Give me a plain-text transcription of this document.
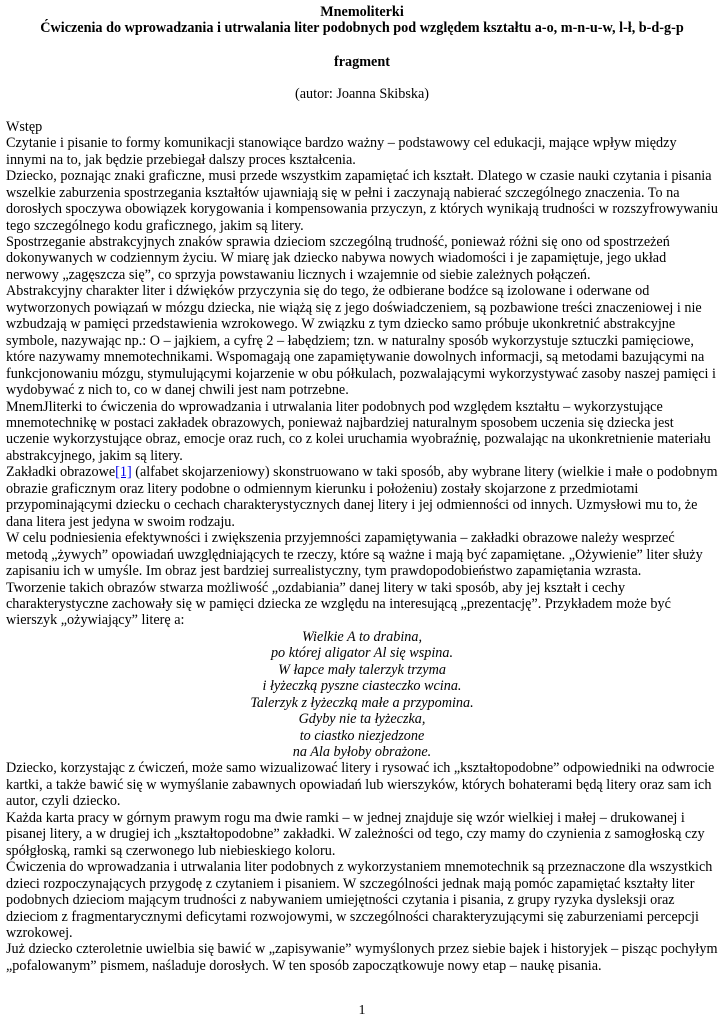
Mnemoliterki

Ćwiczenia do wprowadzania i utrwalania liter podobnych pod względem kształtu a-o, m-n-u-w, l-ł, b-d-g-p

fragment

(autor: Joanna Skibska)

Wstęp

Czytanie i pisanie to formy komunikacji stanowiące bardzo ważny – podstawowy cel edukacji, mające wpływ między innymi na to, jak będzie przebiegał dalszy proces kształcenia.

Dziecko, poznając znaki graficzne, musi przede wszystkim zapamiętać ich kształt. Dlatego w czasie nauki czytania i pisania wszelkie zaburzenia spostrzegania kształtów ujawniają się w pełni i zaczynają nabierać szczególnego znaczenia. To na dorosłych spoczywa obowiązek korygowania i kompensowania przyczyn, z których wynikają trudności w rozszyfrowywaniu tego szczególnego kodu graficznego, jakim są litery.

Spostrzeganie abstrakcyjnych znaków sprawia dzieciom szczególną trudność, ponieważ różni się ono od spostrzeżeń dokonywanych w codziennym życiu. W miarę jak dziecko nabywa nowych wiadomości i je zapamiętuje, jego układ nerwowy „zagęszcza się”, co sprzyja powstawaniu licznych i wzajemnie od siebie zależnych połączeń.

Abstrakcyjny charakter liter i dźwięków przyczynia się do tego, że odbierane bodźce są izolowane i oderwane od wytworzonych powiązań w mózgu dziecka, nie wiążą się z jego doświadczeniem, są pozbawione treści znaczeniowej i nie wzbudzają w pamięci przedstawienia wzrokowego. W związku z tym dziecko samo próbuje ukonkretnić abstrakcyjne symbole, nazywając np.: O – jajkiem, a cyfrę 2 – łabędziem; tzn. w naturalny sposób wykorzystuje sztuczki pamięciowe, które nazywamy mnemotechnikami. Wspomagają one zapamiętywanie dowolnych informacji, są metodami bazującymi na funkcjonowaniu mózgu, stymulującymi kojarzenie w obu półkulach, pozwalającymi wykorzystywać zasoby naszej pamięci i wydobywać z nich to, co w danej chwili jest nam potrzebne.

MnemJliterki to ćwiczenia do wprowadzania i utrwalania liter podobnych pod względem kształtu – wykorzystujące mnemotechnikę w postaci zakładek obrazowych, ponieważ najbardziej naturalnym sposobem uczenia się dziecka jest uczenie wykorzystujące obraz, emocje oraz ruch, co z kolei uruchamia wyobraźnię, pozwalając na ukonkretnienie materiału abstrakcyjnego, jakim są litery.

Zakładki obrazowe[1] (alfabet skojarzeniowy) skonstruowano w taki sposób, aby wybrane litery (wielkie i małe o podobnym obrazie graficznym oraz litery podobne o odmiennym kierunku i położeniu) zostały skojarzone z przedmiotami przypominającymi dziecku o cechach charakterystycznych danej litery i jej odmienności od innych. Uzmysłowi mu to, że dana litera jest jedyna w swoim rodzaju.

W celu podniesienia efektywności i zwiększenia przyjemności zapamiętywania – zakładki obrazowe należy wesprzeć metodą „żywych” opowiadań uwzględniających te rzeczy, które są ważne i mają być zapamiętane. „Ożywienie” liter służy zapisaniu ich w umyśle. Im obraz jest bardziej surrealistyczny, tym prawdopodobieństwo zapamiętania wzrasta.

Tworzenie takich obrazów stwarza możliwość „ozdabiania” danej litery w taki sposób, aby jej kształt i cechy charakterystyczne zachowały się w pamięci dziecka ze względu na interesującą „prezentację”. Przykładem może być wierszyk „ożywiający” literę a:

Wielkie A to drabina,

po której aligator Al się wspina.

W łapce mały talerzyk trzyma

i łyżeczką pyszne ciasteczko wcina.

Talerzyk z łyżeczką małe a przypomina.

Gdyby nie ta łyżeczka,

to ciastko niezjedzone

na Ala byłoby obrażone.

Dziecko, korzystając z ćwiczeń, może samo wizualizować litery i rysować ich „kształtopodobne” odpowiedniki na odwrocie kartki, a także bawić się w wymyślanie zabawnych opowiadań lub wierszyków, których bohaterami będą litery oraz sam ich autor, czyli dziecko.

Każda karta pracy w górnym prawym rogu ma dwie ramki – w jednej znajduje się wzór wielkiej i małej – drukowanej i pisanej litery, a w drugiej ich „kształtopodobne” zakładki. W zależności od tego, czy mamy do czynienia z samogłoską czy spółgłoską, ramki są czerwonego lub niebieskiego koloru.

Ćwiczenia do wprowadzania i utrwalania liter podobnych z wykorzystaniem mnemotechnik są przeznaczone dla wszystkich dzieci rozpoczynających przygodę z czytaniem i pisaniem. W szczególności jednak mają pomóc zapamiętać kształty liter podobnych dzieciom mającym trudności z nabywaniem umiejętności czytania i pisania, z grupy ryzyka dysleksji oraz dzieciom z fragmentarycznymi deficytami rozwojowymi, w szczególności charakteryzującymi się zaburzeniami percepcji wzrokowej.

Już dziecko czteroletnie uwielbia się bawić w „zapisywanie” wymyślonych przez siebie bajek i historyjek – pisząc pochyłym „pofalowanym” pismem, naśladuje dorosłych. W ten sposób zapoczątkowuje nowy etap – naukę pisania.

1
